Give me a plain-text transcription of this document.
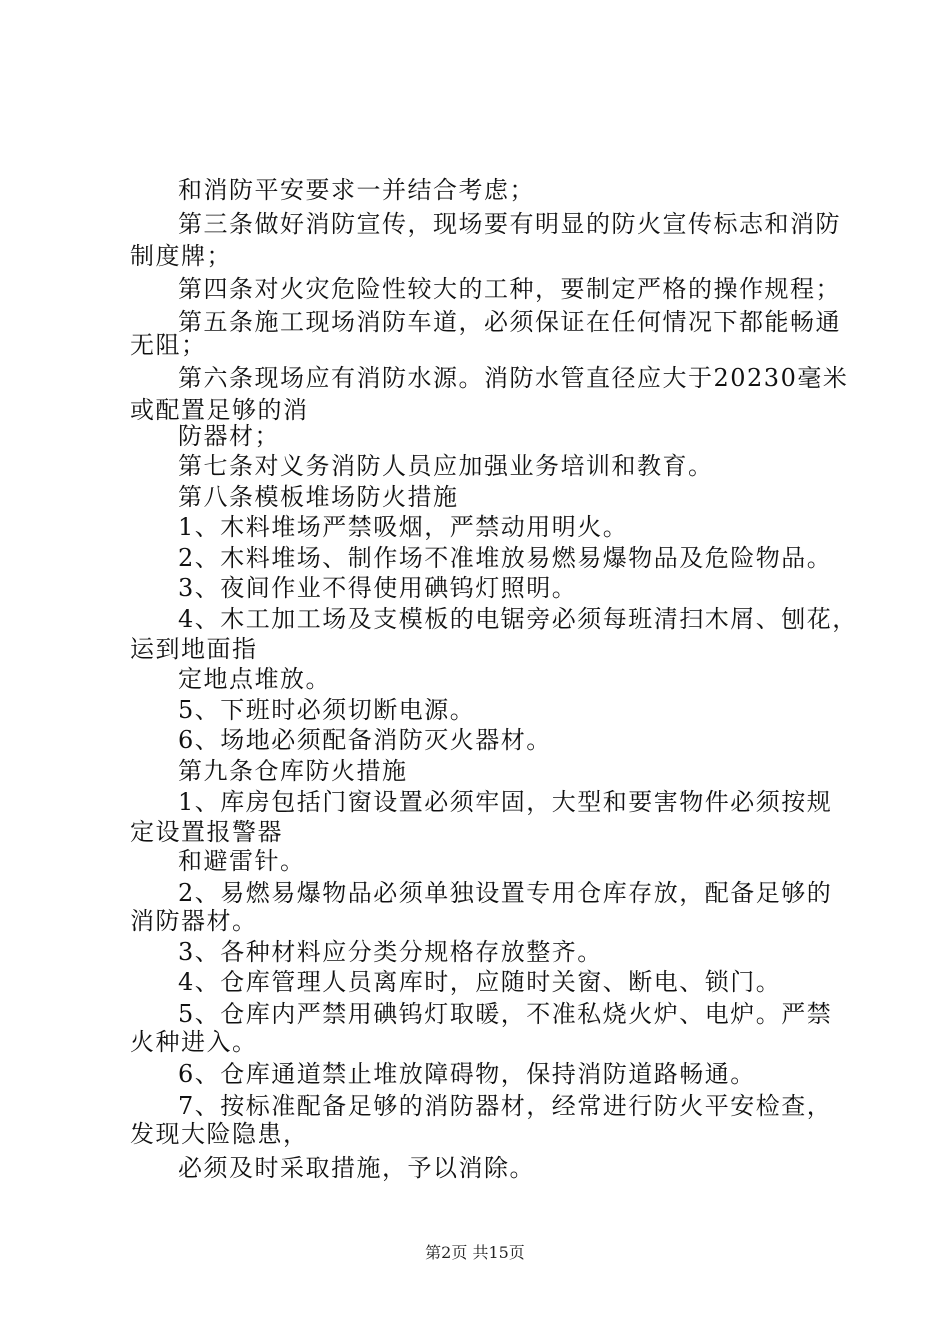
和消防平安要求一并结合考虑；
第三条做好消防宣传，现场要有明显的防火宣传标志和消防
制度牌；
第四条对火灾危险性较大的工种，要制定严格的操作规程；
第五条施工现场消防车道，必须保证在任何情况下都能畅通
无阻；
第六条现场应有消防水源。消防水管直径应大于20230毫米
或配置足够的消
防器材；
第七条对义务消防人员应加强业务培训和教育。
第八条模板堆场防火措施
1、木料堆场严禁吸烟，严禁动用明火。
2、木料堆场、制作场不准堆放易燃易爆物品及危险物品。
3、夜间作业不得使用碘钨灯照明。
4、木工加工场及支模板的电锯旁必须每班清扫木屑、刨花，
运到地面指
定地点堆放。
5、下班时必须切断电源。
6、场地必须配备消防灭火器材。
第九条仓库防火措施
1、库房包括门窗设置必须牢固，大型和要害物件必须按规
定设置报警器
和避雷针。
2、易燃易爆物品必须单独设置专用仓库存放，配备足够的
消防器材。
3、各种材料应分类分规格存放整齐。
4、仓库管理人员离库时，应随时关窗、断电、锁门。
5、仓库内严禁用碘钨灯取暖，不准私烧火炉、电炉。严禁
火种进入。
6、仓库通道禁止堆放障碍物，保持消防道路畅通。
7、按标准配备足够的消防器材，经常进行防火平安检查，
发现大险隐患，
必须及时采取措施，予以消除。
第2页 共15页
